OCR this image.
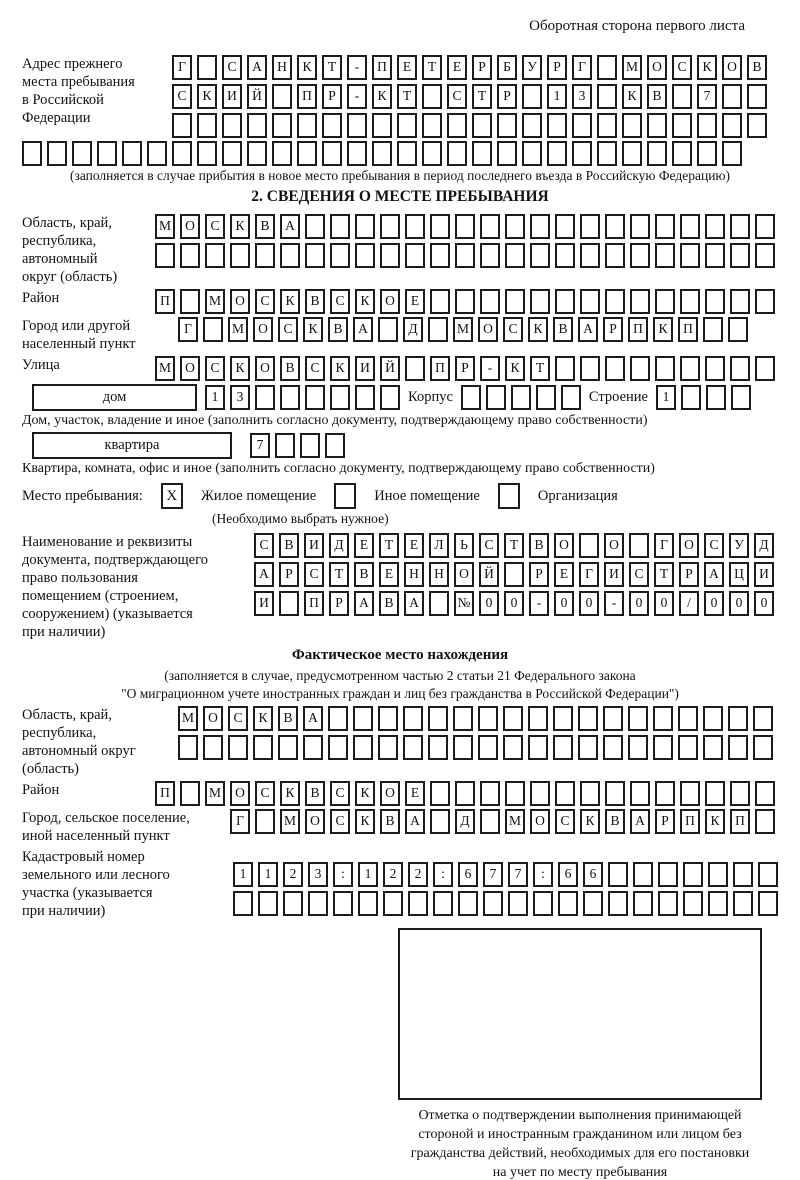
Оборотная сторона первого листа
Адрес прежнего
места пребывания
в Российской
Федерации
Г	С	А	Н	К	Т	-	П	Е	Т	Е	Р	Б	У	Р	Г	М	О	С	К	О	В
С	К	И	Й	П	Р	-	К	Т	С	Т	Р	1	3	К	В	7
(заполняется в случае прибытия в новое место пребывания в период последнего въезда в Российскую Федерацию)
2. СВЕДЕНИЯ О МЕСТЕ ПРЕБЫВАНИЯ
Область, край,
республика,
автономный
округ (область)
М	О	С	К	В	А
Район	П	М	О	С	К	В	С	К	О	Е
Город или другой
населенный пункт
Г	М	О	С	К	В	А	Д	М	О	С	К	В	А	Р	П	К	П
Улица	М	О	С	К	О	В	С	К	И	Й	П	Р	-	К	Т
дом	1	3	Корпус	Строение	1
Дом, участок, владение и иное (заполнить согласно документу, подтверждающему право собственности)
квартира	7
Квартира, комната, офис и иное (заполнить согласно документу, подтверждающему право собственности)
Место пребывания:	X	Жилое помещение	Иное помещение	Организация
(Необходимо выбрать нужное)
Наименование и реквизиты
документа, подтверждающего
право пользования
помещением (строением,
сооружением) (указывается
при наличии)
С	В	И	Д	Е	Т	Е	Л	Ь	С	Т	В	О	О	Г	О	С	У	Д
А	Р	С	Т	В	Е	Н	Н	О	Й	Р	Е	Г	И	С	Т	Р	А	Ц	И
И	П	Р	А	В	А	№	0	0	-	0	0	-	0	0	/	0	0	0
Фактическое место нахождения
(заполняется в случае, предусмотренном частью 2 статьи 21 Федерального закона
"О миграционном учете иностранных граждан и лиц без гражданства в Российской Федерации")
Область, край,
республика,
автономный округ
(область)
М	О	С	К	В	А
Район	П	М	О	С	К	В	С	К	О	Е
Город, сельское поселение,
иной населенный пункт
Г	М	О	С	К	В	А	Д	М	О	С	К	В	А	Р	П	К	П
Кадастровый номер
земельного или лесного
участка (указывается
при наличии)
1	1	2	3	:	1	2	2	:	6	7	7	:	6	6
Отметка о подтверждении выполнения принимающей
стороной и иностранным гражданином или лицом без
гражданства действий, необходимых для его постановки
на учет по месту пребывания
